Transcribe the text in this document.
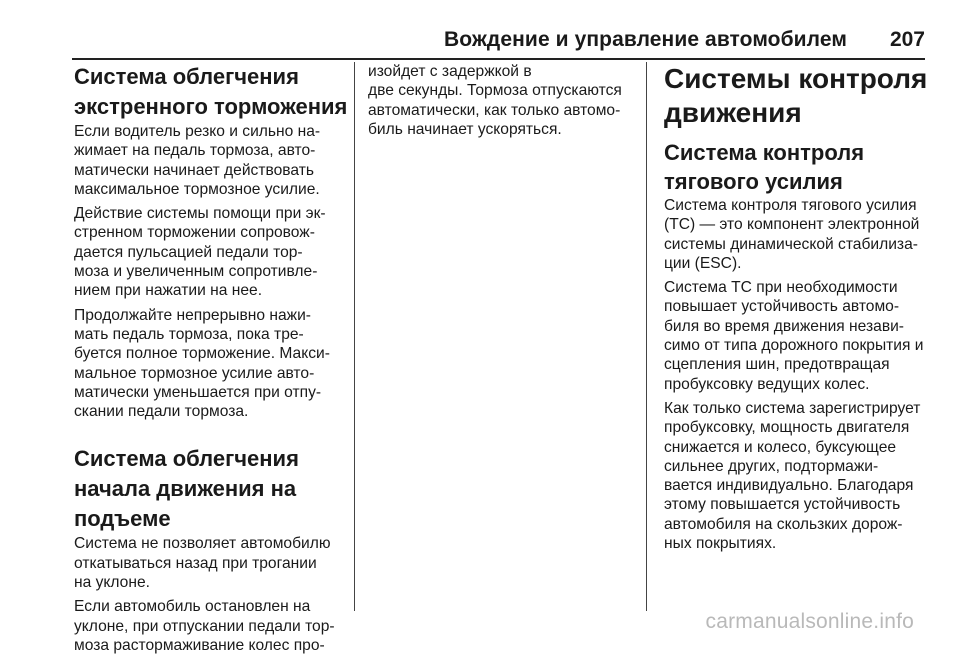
Вождение и управление автомобилем 207
Система облегчения
экстренного торможения
Если водитель резко и сильно на-
жимает на педаль тормоза, авто-
матически начинает действовать
максимальное тормозное усилие.
Действие системы помощи при эк-
стренном торможении сопровож-
дается пульсацией педали тор-
моза и увеличенным сопротивле-
нием при нажатии на нее.
Продолжайте непрерывно нажи-
мать педаль тормоза, пока тре-
буется полное торможение. Макси-
мальное тормозное усилие авто-
матически уменьшается при отпу-
скании педали тормоза.
Система облегчения
начала движения на
подъеме
Система не позволяет автомобилю
откатываться назад при трогании
на уклоне.
Если автомобиль остановлен на
уклоне, при отпускании педали тор-
моза растормаживание колес про-
изойдет с задержкой в
две секунды. Тормоза отпускаются
автоматически, как только автомо-
биль начинает ускоряться.
Системы контроля
движения
Система контроля
тягового усилия
Система контроля тягового усилия
(TC) — это компонент электронной
системы динамической стабилиза-
ции (ESC).
Система TC при необходимости
повышает устойчивость автомо-
биля во время движения незави-
симо от типа дорожного покрытия и
сцепления шин, предотвращая
пробуксовку ведущих колес.
Как только система зарегистрирует
пробуксовку, мощность двигателя
снижается и колесо, буксующее
сильнее других, подтормажи-
вается индивидуально. Благодаря
этому повышается устойчивость
автомобиля на скользких дорож-
ных покрытиях.
carmanualsonline.info
